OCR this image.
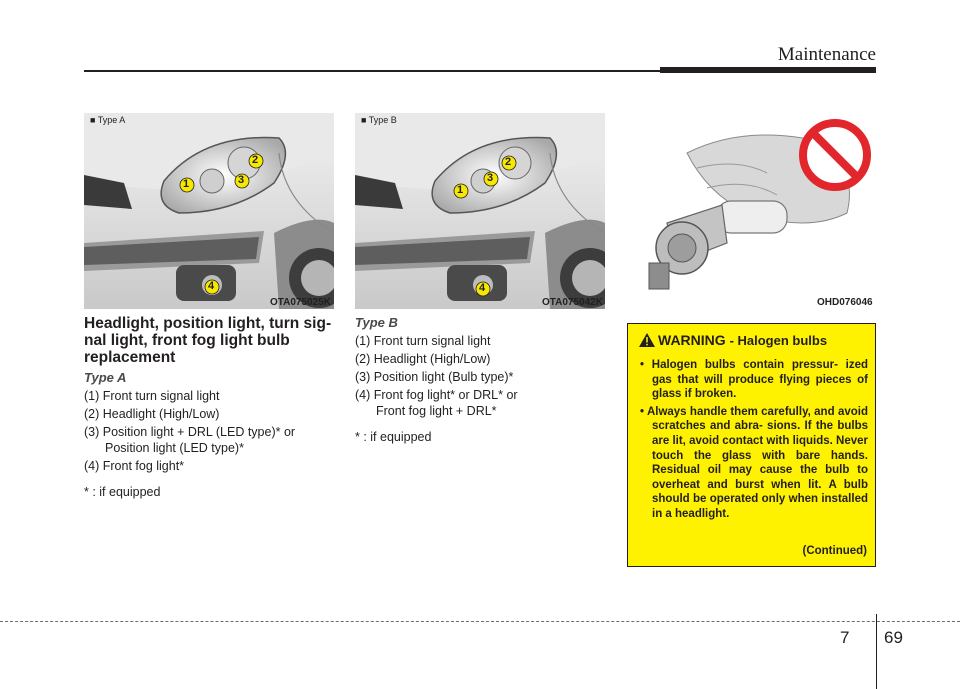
Maintenance
■ Type A
2
1	3
4
OTA075025K
■ Type B
2
1
3
4
OTA075042K	OHD076046
Headlight, position light, turn sig- nal light, front fog light bulb replacement
Type A
(1) Front turn signal light
(2) Headlight (High/Low)
(3) Position light + DRL (LED type)* or
Position light (LED type)*
(4) Front fog light*
* : if equipped
Type B
(1) Front turn signal light
(2) Headlight (High/Low)
(3) Position light (Bulb type)*
(4) Front fog light* or DRL* or
Front fog light + DRL*
* : if equipped
WARNING - Halogen bulbs
• Halogen bulbs contain pressur- ized gas that will produce flying pieces of glass if broken.
• Always handle them carefully, and avoid scratches and abra- sions. If the bulbs are lit, avoid contact with liquids. Never touch the glass with bare hands. Residual oil may cause the bulb to overheat and burst when lit. A bulb should be operated only when installed in a headlight.
(Continued)
7 69
